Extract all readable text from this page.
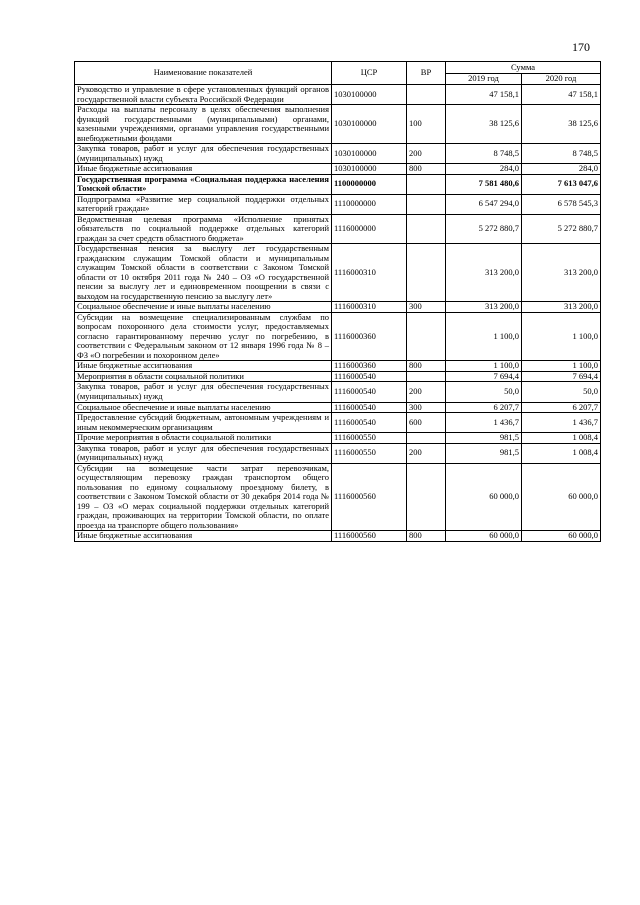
170
Наименование показателей	ЦСР	ВР	Сумма	
			2019 год	2020 год
Руководство и управление в сфере установленных функций органов государственной власти субъекта Российской Федерации	1030100000		47 158,1	47 158,1
Расходы на выплаты персоналу в целях обеспечения выполнения функций государственными (муниципальными) органами, казенными учреждениями, органами управления государственными внебюджетными фондами	1030100000	100	38 125,6	38 125,6
Закупка товаров, работ и услуг для обеспечения государственных (муниципальных) нужд	1030100000	200	8 748,5	8 748,5
Иные бюджетные ассигнования	1030100000	800	284,0	284,0
Государственная программа «Социальная поддержка населения Томской области»	1100000000		7 581 480,6	7 613 047,6
Подпрограмма «Развитие мер социальной поддержки отдельных категорий граждан»	1110000000		6 547 294,0	6 578 545,3
Ведомственная целевая программа «Исполнение принятых обязательств по социальной поддержке отдельных категорий граждан за счет средств областного бюджета»	1116000000		5 272 880,7	5 272 880,7
Государственная пенсия за выслугу лет государственным гражданским служащим Томской области и муниципальным служащим Томской области в соответствии с Законом Томской области от 10 октября 2011 года № 240 – ОЗ «О государственной пенсии за выслугу лет и единовременном поощрении в связи с выходом на государственную пенсию за выслугу лет»	1116000310		313 200,0	313 200,0
Социальное обеспечение и иные выплаты населению	1116000310	300	313 200,0	313 200,0
Субсидии на возмещение специализированным службам по вопросам похоронного дела стоимости услуг, предоставляемых согласно гарантированному перечню услуг по погребению, в соответствии с Федеральным законом от 12 января 1996 года № 8 – ФЗ «О погребении и похоронном деле»	1116000360		1 100,0	1 100,0
Иные бюджетные ассигнования	1116000360	800	1 100,0	1 100,0
Мероприятия в области социальной политики	1116000540		7 694,4	7 694,4
Закупка товаров, работ и услуг для обеспечения государственных (муниципальных) нужд	1116000540	200	50,0	50,0
Социальное обеспечение и иные выплаты населению	1116000540	300	6 207,7	6 207,7
Предоставление субсидий бюджетным, автономным учреждениям и иным некоммерческим организациям	1116000540	600	1 436,7	1 436,7
Прочие мероприятия в области социальной политики	1116000550		981,5	1 008,4
Закупка товаров, работ и услуг для обеспечения государственных (муниципальных) нужд	1116000550	200	981,5	1 008,4
Субсидии на возмещение части затрат перевозчикам, осуществляющим перевозку граждан транспортом общего пользования по единому социальному проездному билету, в соответствии с Законом Томской области от 30 декабря 2014 года № 199 – ОЗ «О мерах социальной поддержки отдельных категорий граждан, проживающих на территории Томской области, по оплате проезда на транспорте общего пользования»	1116000560		60 000,0	60 000,0
Иные бюджетные ассигнования	1116000560	800	60 000,0	60 000,0
